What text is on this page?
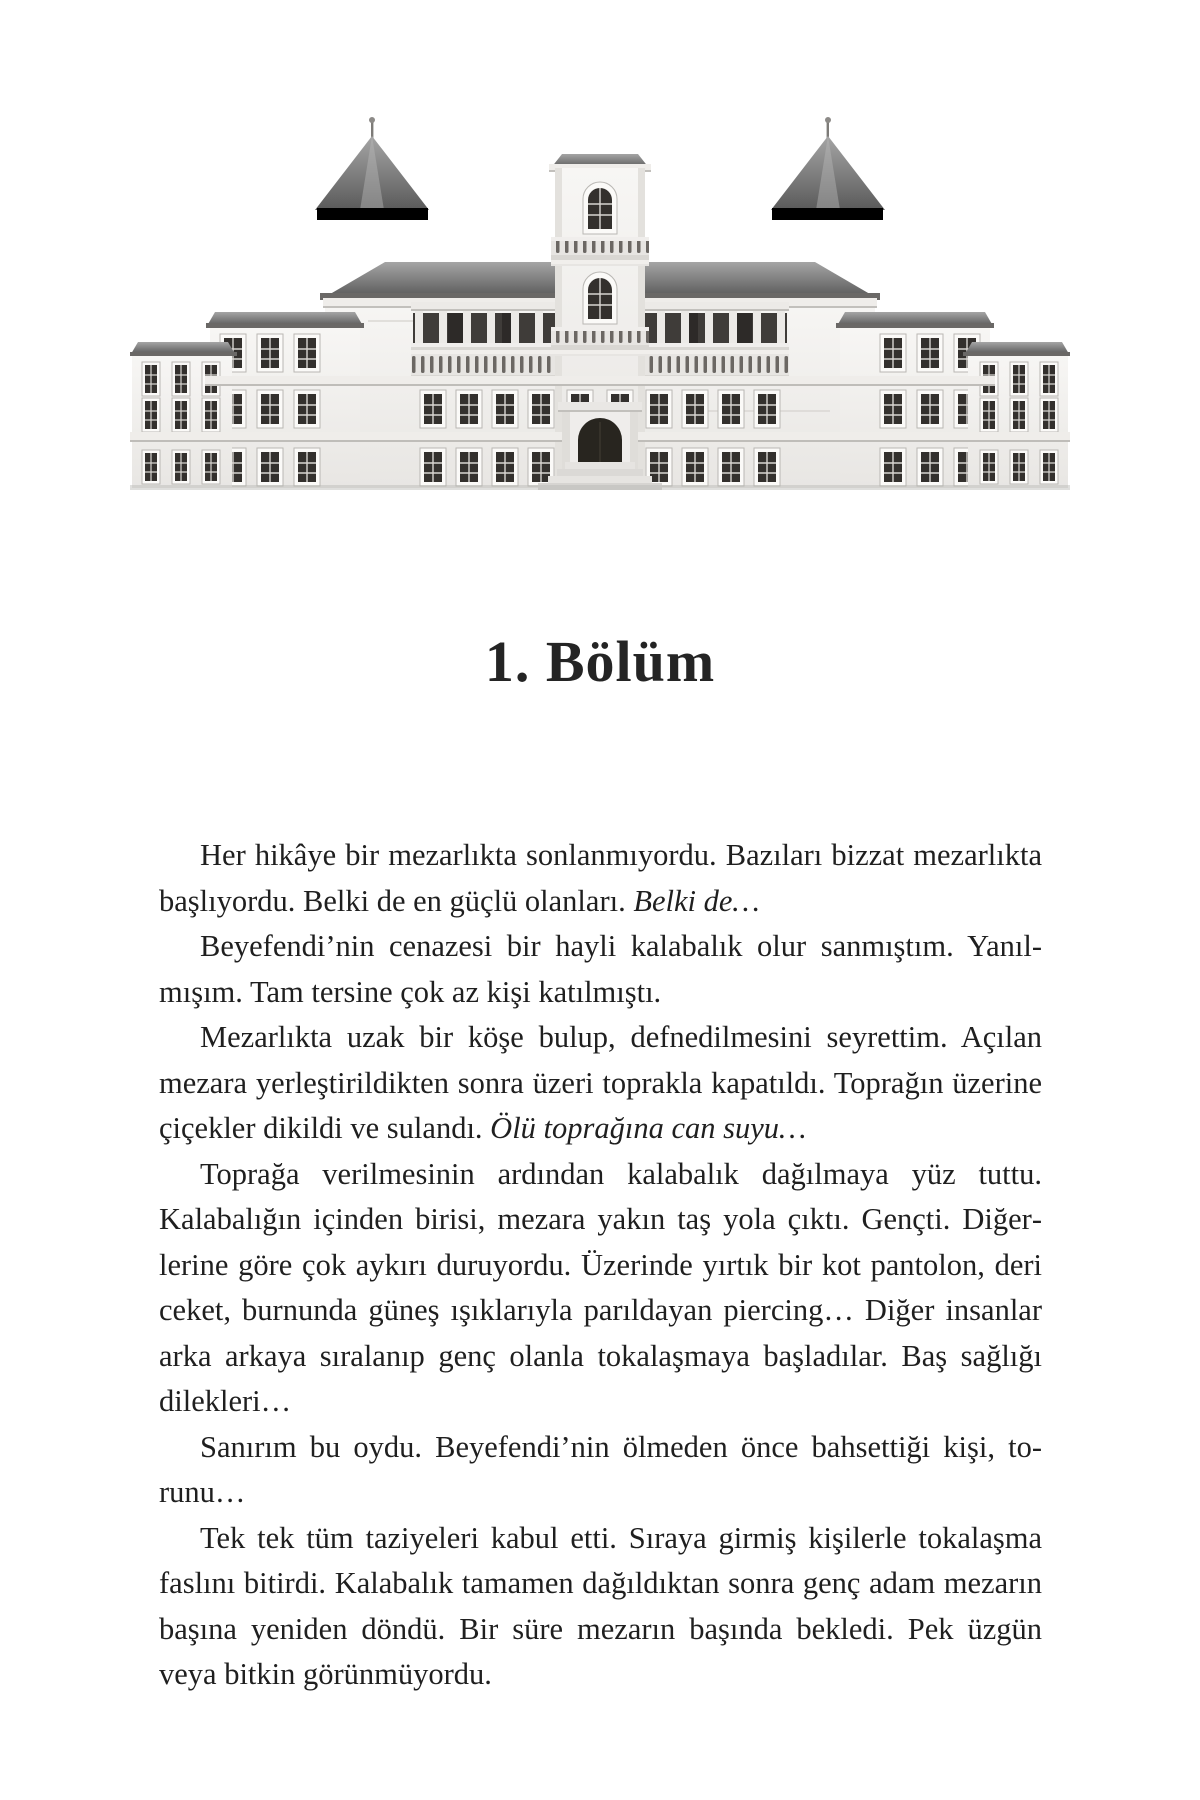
1. Bölüm

Her hikâye bir mezarlıkta sonlanmıyordu. Bazıları bizzat mezarlıkta başlıyordu. Belki de en güçlü olanları. Belki de…

Beyefendi’nin cenazesi bir hayli kalabalık olur sanmıştım. Yanılmışım. Tam tersine çok az kişi katılmıştı.

Mezarlıkta uzak bir köşe bulup, defnedilmesini seyrettim. Açılan mezara yerleştirildikten sonra üzeri toprakla kapatıldı. Toprağın üzerine çiçekler dikildi ve sulandı. Ölü toprağına can suyu…

Toprağa verilmesinin ardından kalabalık dağılmaya yüz tuttu. Kalabalığın içinden birisi, mezara yakın taş yola çıktı. Gençti. Diğerlerine göre çok aykırı duruyordu. Üzerinde yırtık bir kot pantolon, deri ceket, burnunda güneş ışıklarıyla parıldayan piercing… Diğer insanlar arka arkaya sıralanıp genç olanla tokalaşmaya başladılar. Baş sağlığı dilekleri…

Sanırım bu oydu. Beyefendi’nin ölmeden önce bahsettiği kişi, torunu…

Tek tek tüm taziyeleri kabul etti. Sıraya girmiş kişilerle tokalaşma faslını bitirdi. Kalabalık tamamen dağıldıktan sonra genç adam mezarın başına yeniden döndü. Bir süre mezarın başında bekledi. Pek üzgün veya bitkin görünmüyordu.
